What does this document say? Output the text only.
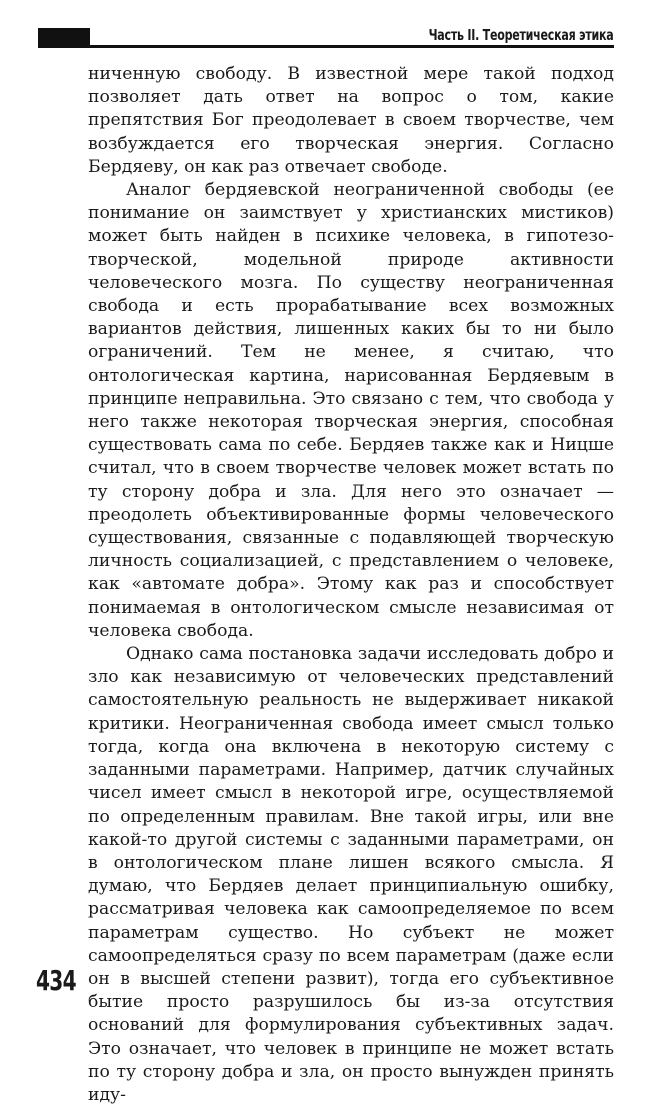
Часть II. Теоретическая этика

ниченную свободу. В известной мере такой подход позволяет дать ответ на вопрос о том, какие препятствия Бог преодолевает в своем творчестве, чем возбуждается его творческая энергия. Согласно Бердяеву, он как раз отвечает свободе.

Аналог бердяевской неограниченной свободы (ее понимание он заимствует у христианских мистиков) может быть найден в психике человека, в гипотезо-творческой, модельной природе активности человеческого мозга. По существу неограниченная свобода и есть прорабатывание всех возможных вариантов действия, лишенных каких бы то ни было ограничений. Тем не менее, я считаю, что онтологическая картина, нарисованная Бердяевым в принципе неправильна. Это связано с тем, что свобода у него также некоторая творческая энергия, способная существовать сама по себе. Бердяев также как и Ницше считал, что в своем творчестве человек может встать по ту сторону добра и зла. Для него это означает — преодолеть объективированные формы человеческого существования, связанные с подавляющей творческую личность социализацией, с представлением о человеке, как «автомате добра». Этому как раз и способствует понимаемая в онтологическом смысле независимая от человека свобода.

Однако сама постановка задачи исследовать добро и зло как независимую от человеческих представлений самостоятельную реальность не выдерживает никакой критики. Неограниченная свобода имеет смысл только тогда, когда она включена в некоторую систему с заданными параметрами. Например, датчик случайных чисел имеет смысл в некоторой игре, осуществляемой по определенным правилам. Вне такой игры, или вне какой-то другой системы с заданными параметрами, он в онтологическом плане лишен всякого смысла. Я думаю, что Бердяев делает принципиальную ошибку, рассматривая человека как самоопределяемое по всем параметрам существо. Но субъект не может самоопределяться сразу по всем параметрам (даже если он в высшей степени развит), тогда его субъективное бытие просто разрушилось бы из-за отсутствия оснований для формулирования субъективных задач. Это означает, что человек в принципе не может встать по ту сторону добра и зла, он просто вынужден принять иду-

434
